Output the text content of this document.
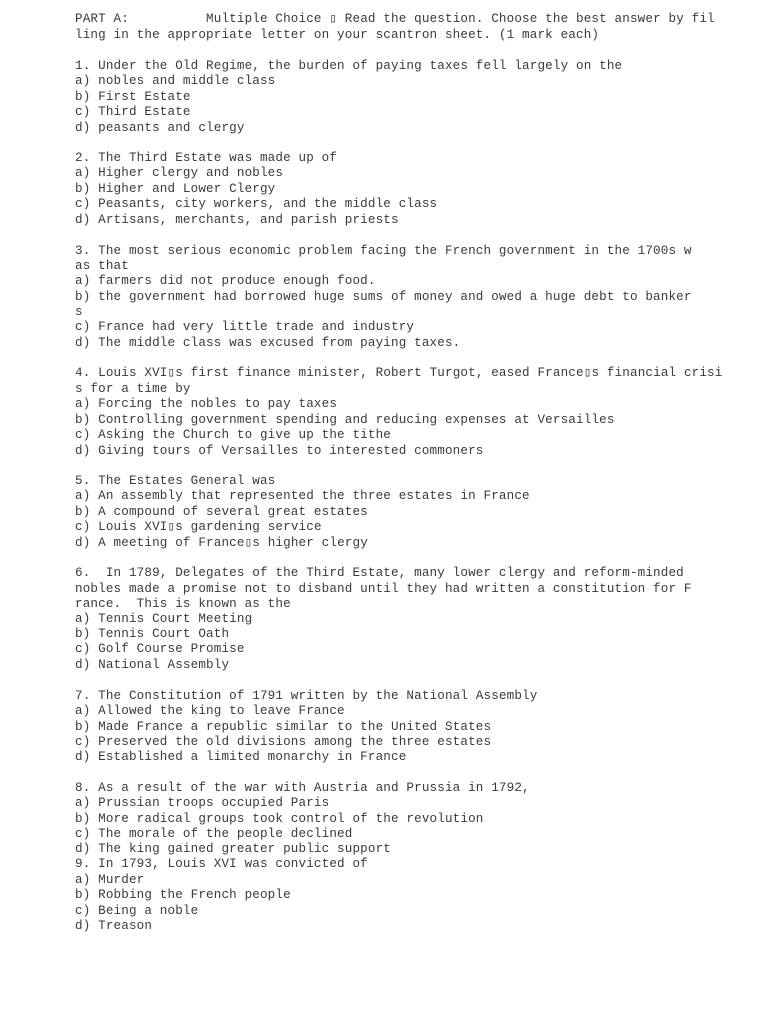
PART A:          Multiple Choice ▯ Read the question. Choose the best answer by fil

ling in the appropriate letter on your scantron sheet. (1 mark each)

1. Under the Old Regime, the burden of paying taxes fell largely on the

a) nobles and middle class

b) First Estate

c) Third Estate

d) peasants and clergy

2. The Third Estate was made up of

a) Higher clergy and nobles

b) Higher and Lower Clergy

c) Peasants, city workers, and the middle class

d) Artisans, merchants, and parish priests

3. The most serious economic problem facing the French government in the 1700s w

as that

a) farmers did not produce enough food.

b) the government had borrowed huge sums of money and owed a huge debt to banker

s

c) France had very little trade and industry

d) The middle class was excused from paying taxes.

4. Louis XVI▯s first finance minister, Robert Turgot, eased France▯s financial crisi

s for a time by

a) Forcing the nobles to pay taxes

b) Controlling government spending and reducing expenses at Versailles

c) Asking the Church to give up the tithe

d) Giving tours of Versailles to interested commoners

5. The Estates General was

a) An assembly that represented the three estates in France

b) A compound of several great estates

c) Louis XVI▯s gardening service

d) A meeting of France▯s higher clergy

6.  In 1789, Delegates of the Third Estate, many lower clergy and reform-minded

nobles made a promise not to disband until they had written a constitution for F

rance.  This is known as the

a) Tennis Court Meeting

b) Tennis Court Oath

c) Golf Course Promise

d) National Assembly

7. The Constitution of 1791 written by the National Assembly

a) Allowed the king to leave France

b) Made France a republic similar to the United States

c) Preserved the old divisions among the three estates

d) Established a limited monarchy in France

8. As a result of the war with Austria and Prussia in 1792,

a) Prussian troops occupied Paris

b) More radical groups took control of the revolution

c) The morale of the people declined

d) The king gained greater public support

9. In 1793, Louis XVI was convicted of

a) Murder

b) Robbing the French people

c) Being a noble

d) Treason
